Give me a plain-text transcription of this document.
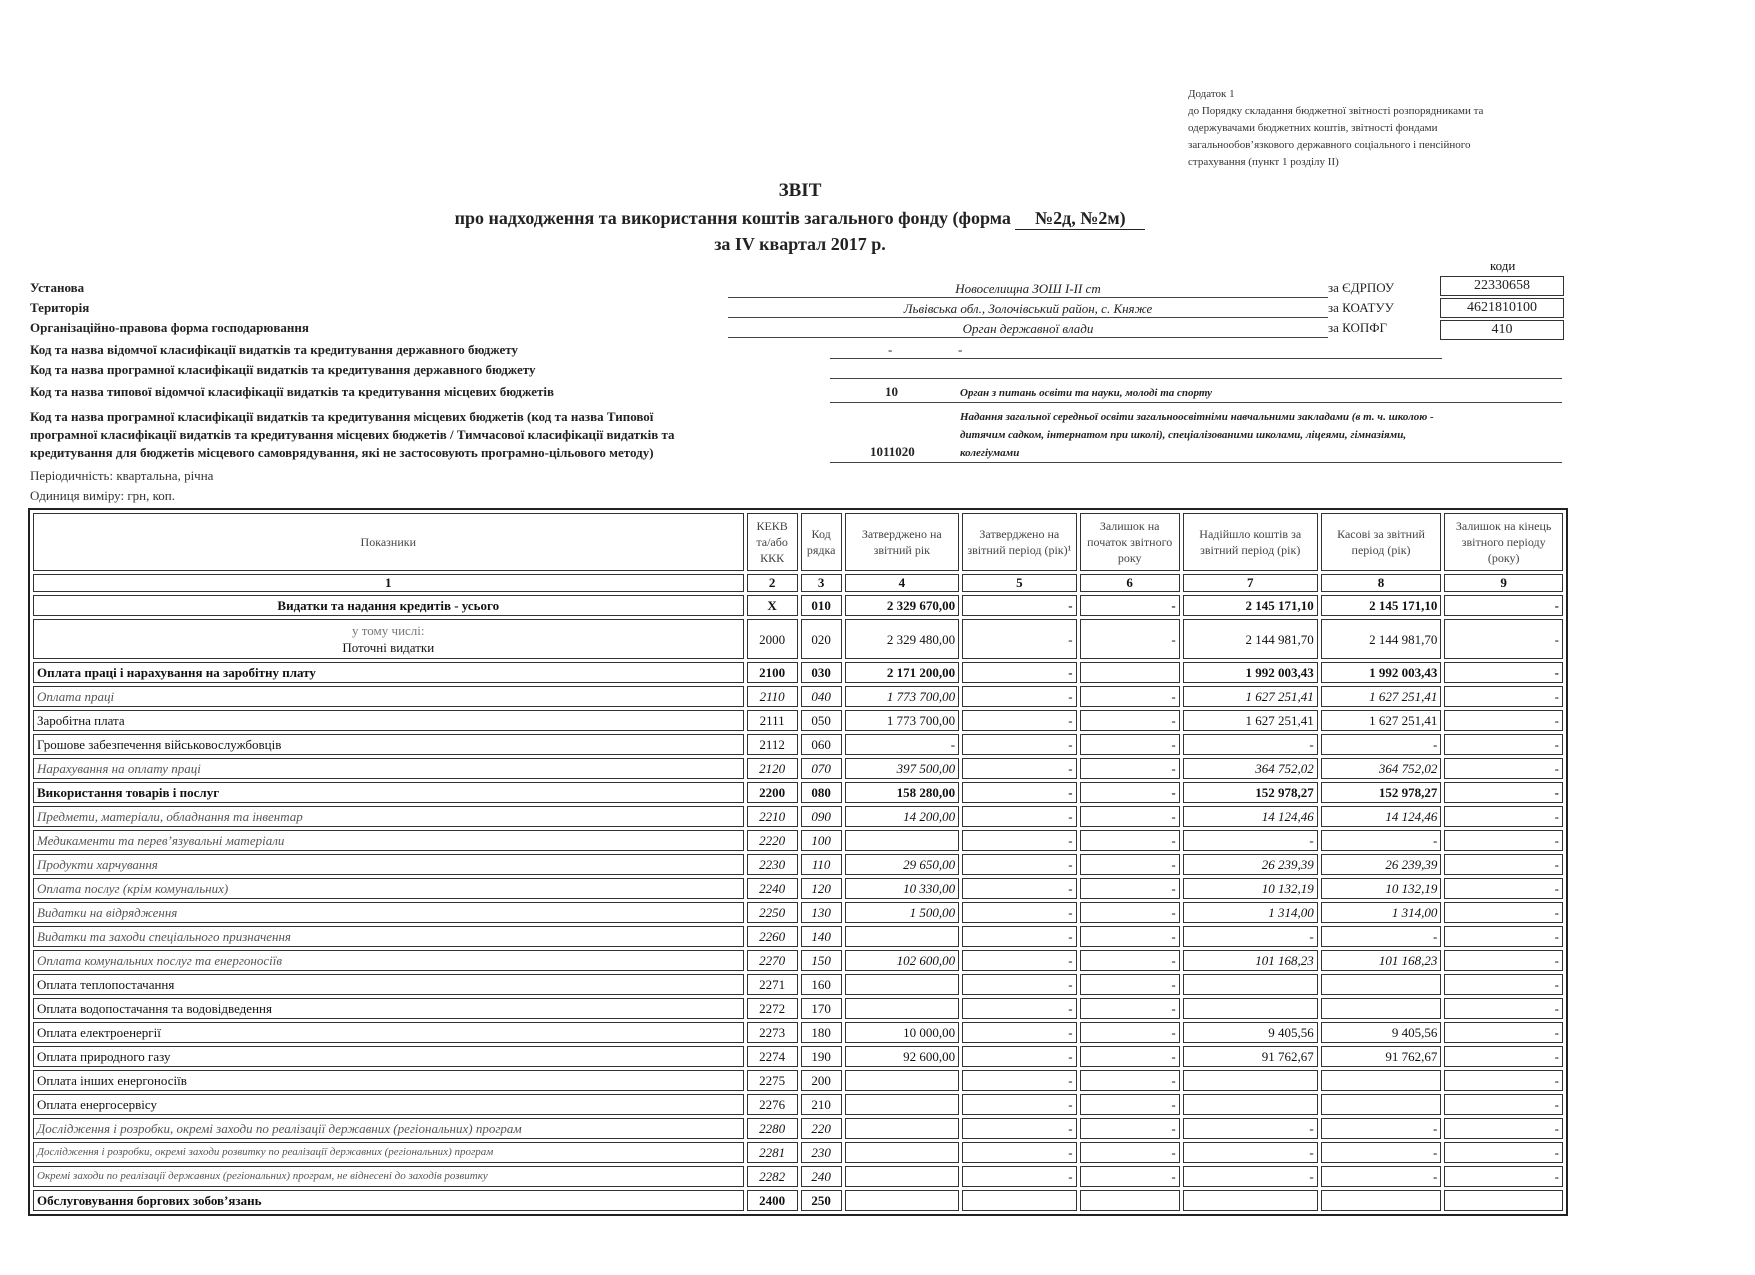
Додаток 1
до Порядку складання бюджетної звітності розпорядниками та
одержувачами бюджетних коштів, звітності фондами
загальнообов’язкового державного соціального і пенсійного
страхування (пункт 1 розділу ІІ)
ЗВІТ
про надходження та використання коштів загального фонду (форма №2д, №2м)
за IV квартал 2017 р.
коди
Установа	Новоселищна ЗОШ І-ІІ ст	за ЄДРПОУ	22330658
Територія	Львівська обл., Золочівський район, с. Княже	за КОАТУУ	4621810100
Організаційно-правова форма господарювання	Орган державної влади	за КОПФГ	410
Код та назва відомчої класифікації видатків та кредитування державного бюджету	-	-
Код та назва програмної класифікації видатків та кредитування державного бюджету
Код та назва типової відомчої класифікації видатків та кредитування місцевих бюджетів	10	Орган з питань освіти та науки, молоді та спорту
Код та назва програмної класифікації видатків та кредитування місцевих бюджетів (код та назва Типової
програмної класифікації видатків та кредитування місцевих бюджетів / Тимчасової класифікації видатків та
кредитування для бюджетів місцевого самоврядування, які не застосовують програмно-цільового методу)	1011020
Надання загальної середньої освіти загальноосвітніми навчальними закладами (в т. ч. школою -
дитячим садком, інтернатом при школі), спеціалізованими школами, ліцеями, гімназіями,
колегіумами
Періодичність: квартальна, річна
Одиниця виміру: грн, коп.
Показники	КЕКВ та/або ККК	Код рядка	Затверджено на звітний рік	Затверджено на звітний період (рік)¹	Залишок на початок звітного року	Надійшло коштів за звітний період (рік)	Касові за звітний період (рік)	Залишок на кінець звітного періоду (року)
1	2	3	4	5	6	7	8	9
Видатки та надання кредитів - усього	X	010	2 329 670,00	-	-	2 145 171,10	2 145 171,10	-

у тому числі:
Поточні видатки	2000	020	2 329 480,00	-	-	2 144 981,70	2 144 981,70	-
Оплата праці і нарахування на заробітну плату	2100	030	2 171 200,00	-		1 992 003,43	1 992 003,43	-
Оплата праці	2110	040	1 773 700,00	-	-	1 627 251,41	1 627 251,41	-
Заробітна плата	2111	050	1 773 700,00	-	-	1 627 251,41	1 627 251,41	-
Грошове забезпечення військовослужбовців	2112	060	-	-	-	-	-	-
Нарахування на оплату праці	2120	070	397 500,00	-	-	364 752,02	364 752,02	-
Використання товарів і послуг	2200	080	158 280,00	-	-	152 978,27	152 978,27	-
Предмети, матеріали, обладнання та інвентар	2210	090	14 200,00	-	-	14 124,46	14 124,46	-
Медикаменти та перев’язувальні матеріали	2220	100		-	-	-	-	-
Продукти харчування	2230	110	29 650,00	-	-	26 239,39	26 239,39	-
Оплата послуг (крім комунальних)	2240	120	10 330,00	-	-	10 132,19	10 132,19	-
Видатки на відрядження	2250	130	1 500,00	-	-	1 314,00	1 314,00	-
Видатки та заходи спеціального призначення	2260	140		-	-	-	-	-
Оплата комунальних послуг та енергоносіїв	2270	150	102 600,00	-	-	101 168,23	101 168,23	-
Оплата теплопостачання	2271	160		-	-			-
Оплата водопостачання та водовідведення	2272	170		-	-			-
Оплата електроенергії	2273	180	10 000,00	-	-	9 405,56	9 405,56	-
Оплата природного газу	2274	190	92 600,00	-	-	91 762,67	91 762,67	-
Оплата інших енергоносіїв	2275	200		-	-			-
Оплата енергосервісу	2276	210		-	-			-
Дослідження і розробки, окремі заходи по реалізації державних (регіональних) програм	2280	220		-	-	-	-	-
Дослідження і розробки, окремі заходи розвитку по реалізації державних (регіональних) програм	2281	230		-	-	-	-	-
Окремі заходи по реалізації державних (регіональних) програм, не віднесені до заходів розвитку	2282	240		-	-	-	-	-
Обслуговування боргових зобов’язань	2400	250						
